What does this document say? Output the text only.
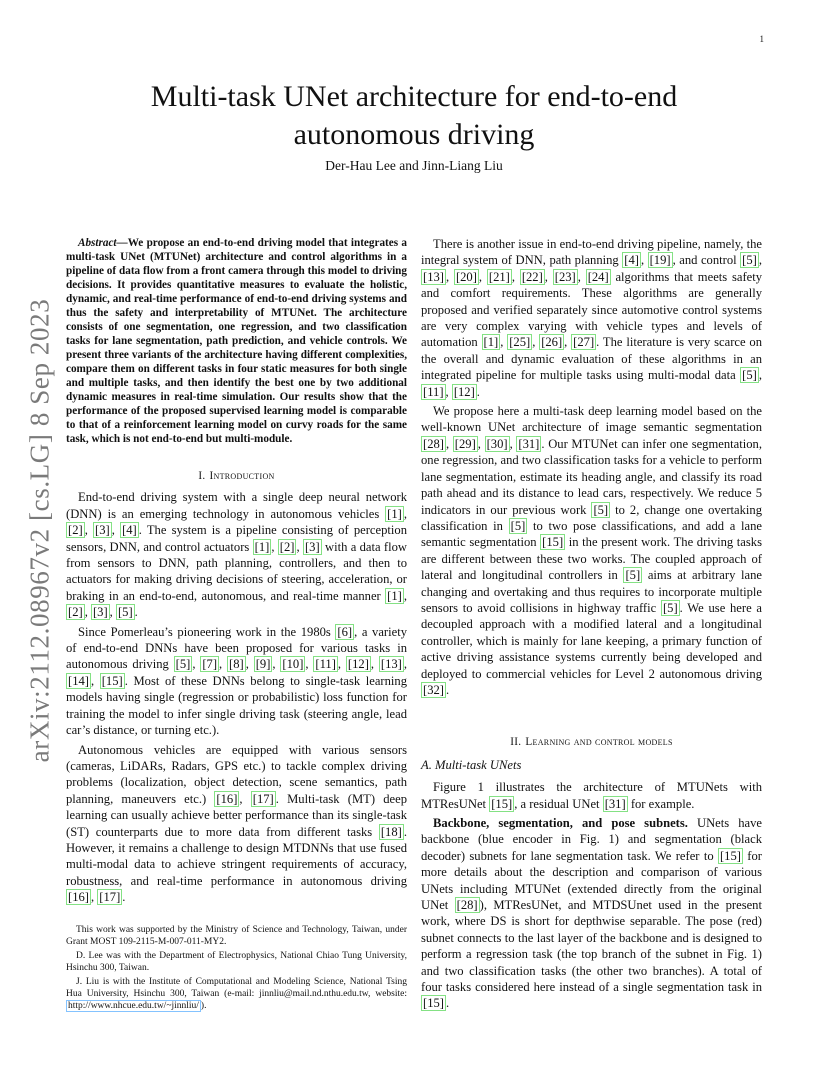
1
arXiv:2112.08967v2 [cs.LG] 8 Sep 2023
Multi-task UNet architecture for end-to-end autonomous driving
Der-Hau Lee and Jinn-Liang Liu

Abstract—We propose an end-to-end driving model that integrates a multi-task UNet (MTUNet) architecture and control algorithms in a pipeline of data flow from a front camera through this model to driving decisions. It provides quantitative measures to evaluate the holistic, dynamic, and real-time performance of end-to-end driving systems and thus the safety and interpretability of MTUNet. The architecture consists of one segmentation, one regression, and two classification tasks for lane segmentation, path prediction, and vehicle controls. We present three variants of the architecture having different complexities, compare them on different tasks in four static measures for both single and multiple tasks, and then identify the best one by two additional dynamic measures in real-time simulation. Our results show that the performance of the proposed supervised learning model is comparable to that of a reinforcement learning model on curvy roads for the same task, which is not end-to-end but multi-module.

I. Introduction

End-to-end driving system with a single deep neural network (DNN) is an emerging technology in autonomous vehicles [1] , [2] , [3] , [4] . The system is a pipeline consisting of perception sensors, DNN, and control actuators [1] , [2] , [3] with a data flow from sensors to DNN, path planning, controllers, and then to actuators for making driving decisions of steering, acceleration, or braking in an end-to-end, autonomous, and real-time manner [1] , [2] , [3] , [5] .

Since Pomerleau’s pioneering work in the 1980s [6] , a variety of end-to-end DNNs have been proposed for various tasks in autonomous driving [5] , [7] , [8] , [9] , [10] , [11] , [12] , [13] , [14] , [15] . Most of these DNNs belong to single-task learning models having single (regression or probabilistic) loss function for training the model to infer single driving task (steering angle, lead car’s distance, or turning etc.).

Autonomous vehicles are equipped with various sensors (cameras, LiDARs, Radars, GPS etc.) to tackle complex driving problems (localization, object detection, scene semantics, path planning, maneuvers etc.) [16] , [17] . Multi-task (MT) deep learning can usually achieve better performance than its single-task (ST) counterparts due to more data from different tasks [18] . However, it remains a challenge to design MTDNNs that use fused multi-modal data to achieve stringent requirements of accuracy, robustness, and real-time performance in autonomous driving [16] , [17] .

This work was supported by the Ministry of Science and Technology, Taiwan, under Grant MOST 109-2115-M-007-011-MY2.

D. Lee was with the Department of Electrophysics, National Chiao Tung University, Hsinchu 300, Taiwan.

J. Liu is with the Institute of Computational and Modeling Science, National Tsing Hua University, Hsinchu 300, Taiwan (e-mail: jinnliu@mail.nd.nthu.edu.tw, website: http://www.nhcue.edu.tw/~jinnliu/ ).

There is another issue in end-to-end driving pipeline, namely, the integral system of DNN, path planning [4] , [19] , and control [5] , [13] , [20] , [21] , [22] , [23] , [24] algorithms that meets safety and comfort requirements. These algorithms are generally proposed and verified separately since automotive control systems are very complex varying with vehicle types and levels of automation [1] , [25] , [26] , [27] . The literature is very scarce on the overall and dynamic evaluation of these algorithms in an integrated pipeline for multiple tasks using multi-modal data [5] , [11] , [12] .

We propose here a multi-task deep learning model based on the well-known UNet architecture of image semantic segmentation [28] , [29] , [30] , [31] . Our MTUNet can infer one segmentation, one regression, and two classification tasks for a vehicle to perform lane segmentation, estimate its heading angle, and classify its road path ahead and its distance to lead cars, respectively. We reduce 5 indicators in our previous work [5] to 2, change one overtaking classification in [5] to two pose classifications, and add a lane semantic segmentation [15] in the present work. The driving tasks are different between these two works. The coupled approach of lateral and longitudinal controllers in [5] aims at arbitrary lane changing and overtaking and thus requires to incorporate multiple sensors to avoid collisions in highway traffic [5] . We use here a decoupled approach with a modified lateral and a longitudinal controller, which is mainly for lane keeping, a primary function of active driving assistance systems currently being developed and deployed to commercial vehicles for Level 2 autonomous driving [32] .

II. Learning and control models
A. Multi-task UNets

Figure 1 illustrates the architecture of MTUNets with MTResUNet [15] , a residual UNet [31] for example.

Backbone, segmentation, and pose subnets. UNets have backbone (blue encoder in Fig. 1) and segmentation (black decoder) subnets for lane segmentation task. We refer to [15] for more details about the description and comparison of various UNets including MTUNet (extended directly from the original UNet [28] ), MTResUNet, and MTDSUnet used in the present work, where DS is short for depthwise separable. The pose (red) subnet connects to the last layer of the backbone and is designed to perform a regression task (the top branch of the subnet in Fig. 1) and two classification tasks (the other two branches). A total of four tasks considered here instead of a single segmentation task in [15] .
